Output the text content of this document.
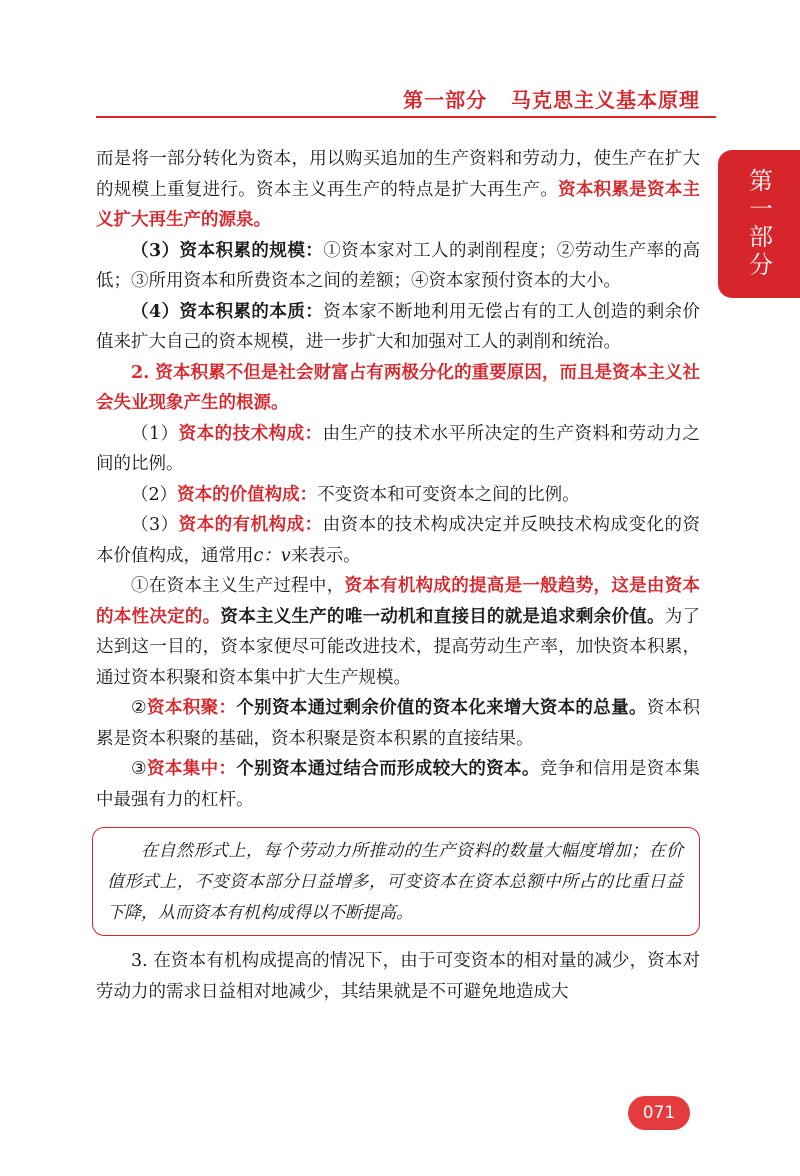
第一部分   马克思主义基本原理
第一部分

而是将一部分转化为资本，用以购买追加的生产资料和劳动力，使生产在扩大的规模上重复进行。资本主义再生产的特点是扩大再生产。资本积累是资本主义扩大再生产的源泉。

（3）资本积累的规模：①资本家对工人的剥削程度；②劳动生产率的高低；③所用资本和所费资本之间的差额；④资本家预付资本的大小。

（4）资本积累的本质：资本家不断地利用无偿占有的工人创造的剩余价值来扩大自己的资本规模，进一步扩大和加强对工人的剥削和统治。

2. 资本积累不但是社会财富占有两极分化的重要原因，而且是资本主义社会失业现象产生的根源。

（1）资本的技术构成：由生产的技术水平所决定的生产资料和劳动力之间的比例。

（2）资本的价值构成：不变资本和可变资本之间的比例。

（3）资本的有机构成：由资本的技术构成决定并反映技术构成变化的资本价值构成，通常用c：v来表示。

①在资本主义生产过程中，资本有机构成的提高是一般趋势，这是由资本的本性决定的。资本主义生产的唯一动机和直接目的就是追求剩余价值。为了达到这一目的，资本家便尽可能改进技术，提高劳动生产率，加快资本积累，通过资本积聚和资本集中扩大生产规模。

②资本积聚：个别资本通过剩余价值的资本化来增大资本的总量。资本积累是资本积聚的基础，资本积聚是资本积累的直接结果。

③资本集中：个别资本通过结合而形成较大的资本。竞争和信用是资本集中最强有力的杠杆。

在自然形式上，每个劳动力所推动的生产资料的数量大幅度增加；在价值形式上，不变资本部分日益增多，可变资本在资本总额中所占的比重日益下降，从而资本有机构成得以不断提高。

3. 在资本有机构成提高的情况下，由于可变资本的相对量的减少，资本对劳动力的需求日益相对地减少，其结果就是不可避免地造成大

071
